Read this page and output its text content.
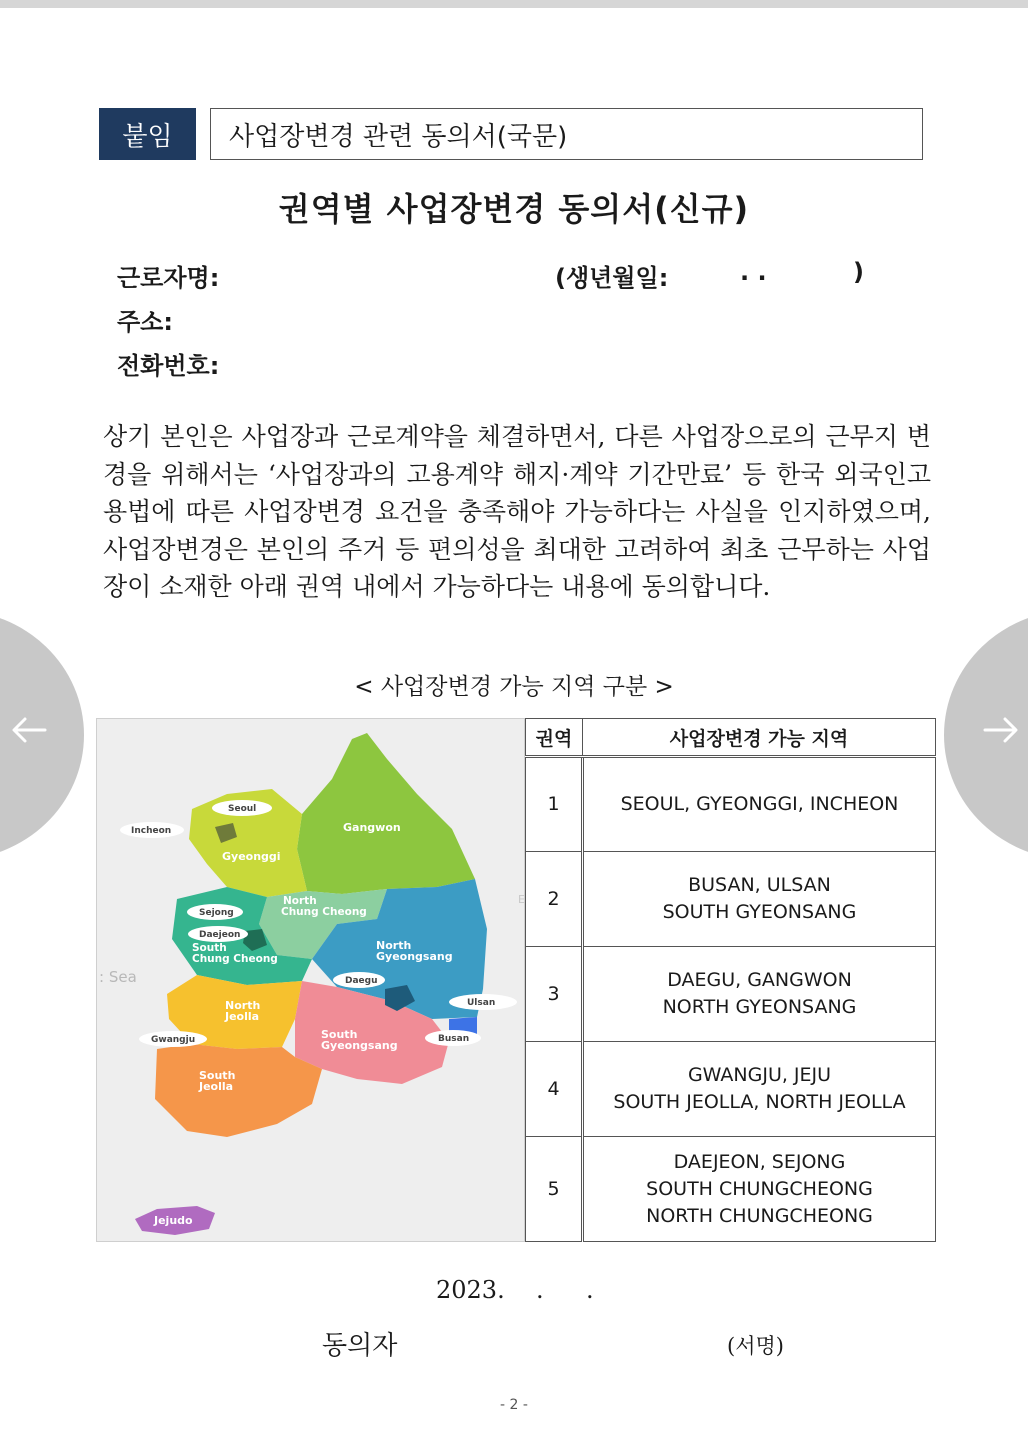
붙임	사업장변경 관련 동의서(국문)
권역별 사업장변경 동의서(신규)
근로자명:	(생년월일:	. .	)
주소:
전화번호:

상기 본인은 사업장과 근로계약을 체결하면서, 다른 사업장으로의 근무지 변경을 위해서는 ‘사업장과의 고용계약 해지·계약 기간만료’ 등 한국 외국인고용법에 따른 사업장변경 요건을 충족해야 가능하다는 사실을 인지하였으며, 사업장변경은 본인의 주거 등 편의성을 최대한 고려하여 최초 근무하는 사업장이 소재한 아래 권역 내에서 가능하다는 내용에 동의합니다.

< 사업장변경 가능 지역 구분 >
Gangwon
Gyeonggi
North
Chung Cheong
North
Gyeongsang
South
Chung Cheong
North
Jeolla
South
Gyeongsang
South
Jeolla
Jejudo
: Sea
E
Seoul
Incheon
Sejong
Daejeon
Daegu
Ulsan
Gwangju	Busan
권역	사업장변경 가능 지역
1	SEOUL, GYEONGGI, INCHEON

2	BUSAN, ULSAN
SOUTH GYEONSANG

3	DAEGU, GANGWON
NORTH GYEONSANG

4	GWANGJU, JEJU
SOUTH JEOLLA, NORTH JEOLLA

5	DAEJEON, SEJONG
SOUTH CHUNGCHEONG
NORTH CHUNGCHEONG
2023. . .
동의자	(서명)
- 2 -
